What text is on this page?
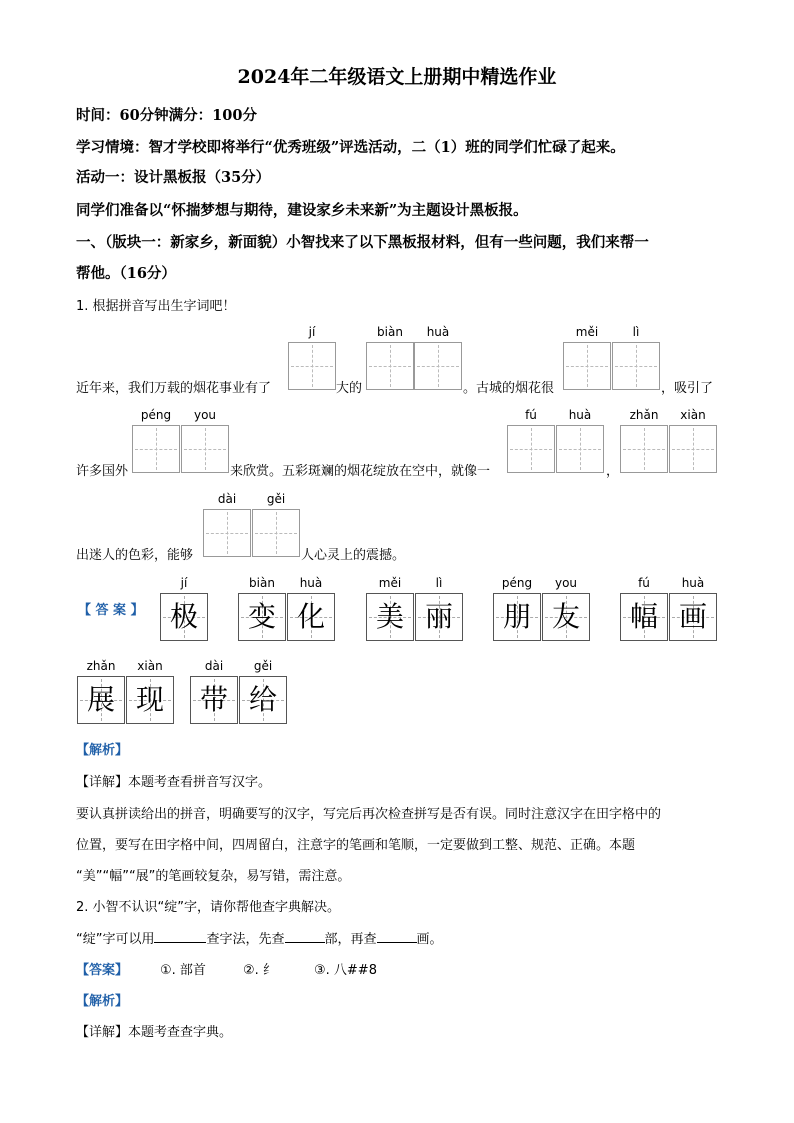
2024年二年级语文上册期中精选作业
时间：60分钟满分：100分
学习情境：智才学校即将举行“优秀班级”评选活动，二（1）班的同学们忙碌了起来。
活动一：设计黑板报（35分）
同学们准备以“怀揣梦想与期待，建设家乡未来新”为主题设计黑板报。
一、（版块一：新家乡，新面貌）小智找来了以下黑板报材料，但有一些问题，我们来帮一
帮他。（16分）
1. 根据拼音写出生字词吧！
jí	biàn	huà	měi	lì
近年来，我们万载的烟花事业有了	大的	。古城的烟花很	，吸引了
péng	you	fú	huà	zhǎn	xiàn
许多国外	来欣赏。五彩斑斓的烟花绽放在空中，就像一	，
dài	gěi
出迷人的色彩，能够	人心灵上的震撼。
【 答 案 】
jí	biàn	huà	měi	lì	péng	you	fú	huà
极	变 化	美 丽	朋 友	幅 画
zhǎn	xiàn	dài	gěi
展 现	带 给
【解析】
【详解】本题考查看拼音写汉字。
要认真拼读给出的拼音，明确要写的汉字，写完后再次检查拼写是否有误。同时注意汉字在田字格中的
位置，要写在田字格中间，四周留白，注意字的笔画和笔顺，一定要做到工整、规范、正确。本题
“美”“幅”“展”的笔画较复杂，易写错，需注意。
2. 小智不认识“绽”字，请你帮他查字典解决。
“绽”字可以用	查字法，先查	部，再查	画。
【答案】 ①. 部首	②. 纟	③. 八##8
【解析】
【详解】本题考查查字典。
